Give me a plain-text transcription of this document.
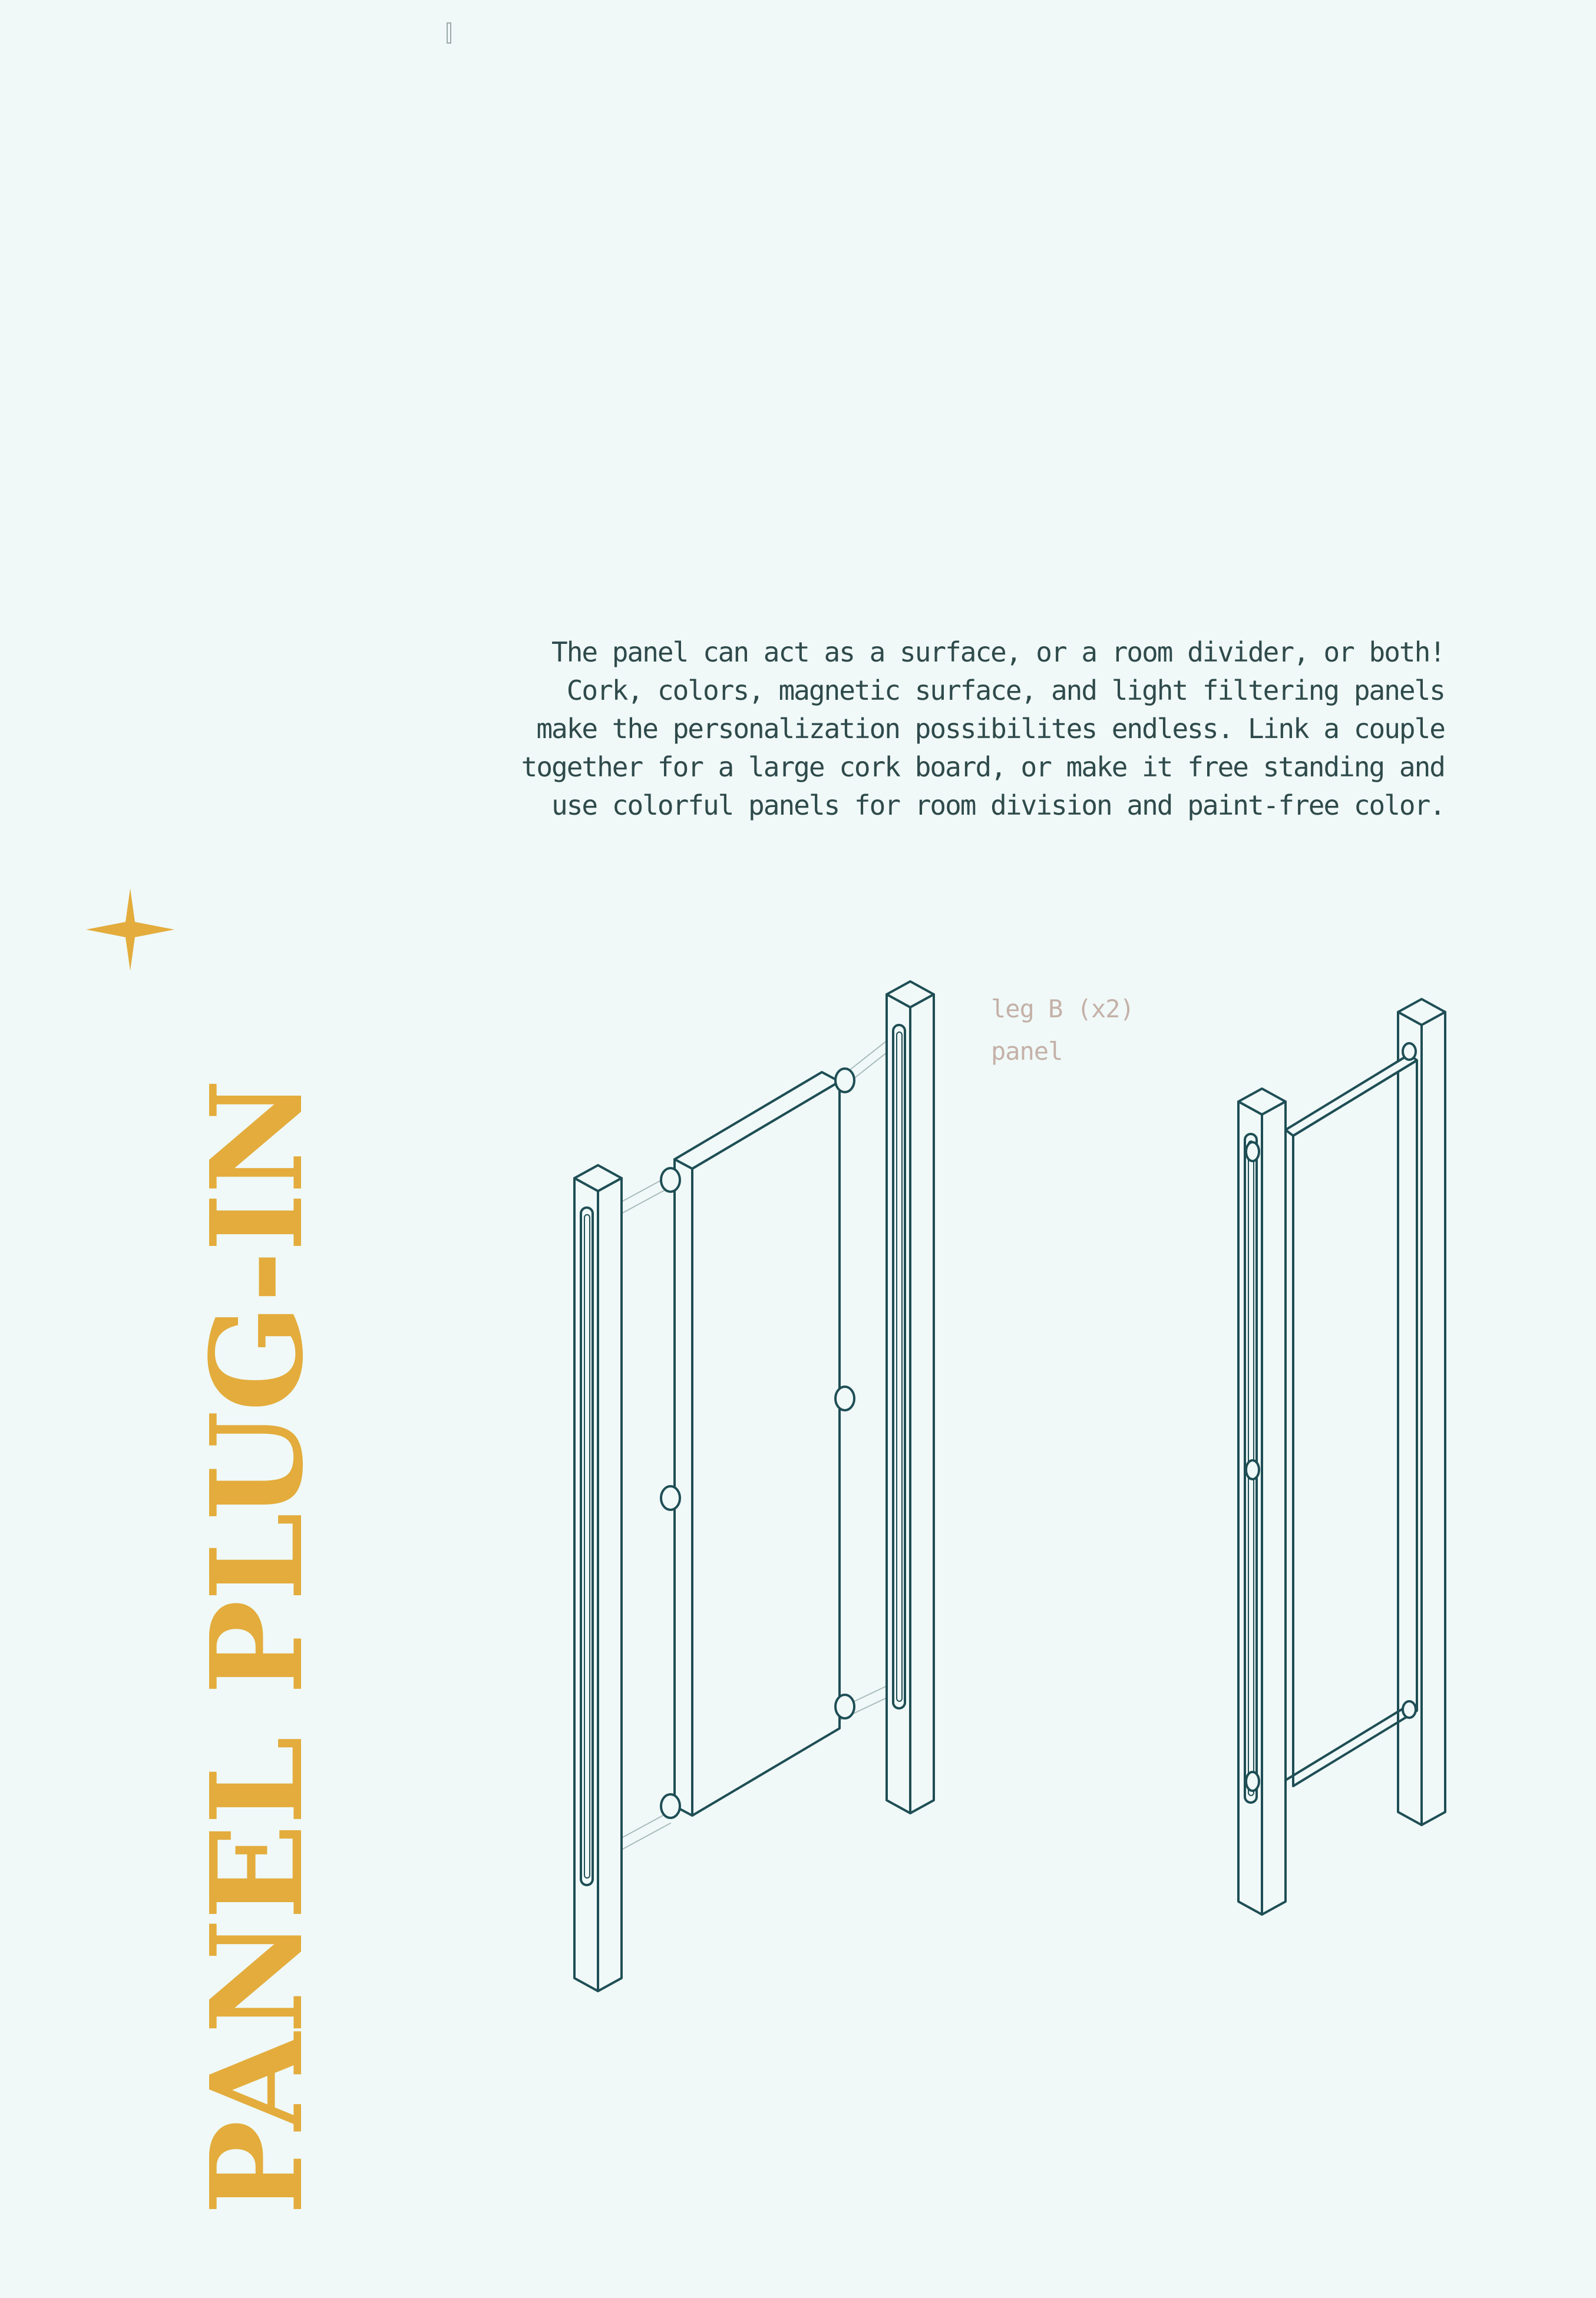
The panel can act as a surface, or a room divider, or both!
Cork, colors, magnetic surface, and light filtering panels
make the personalization possibilites endless. Link a couple
together for a large cork board, or make it free standing and
use colorful panels for room division and paint-free color.
leg B (x2)
panel
PANEL PLUG-IN
